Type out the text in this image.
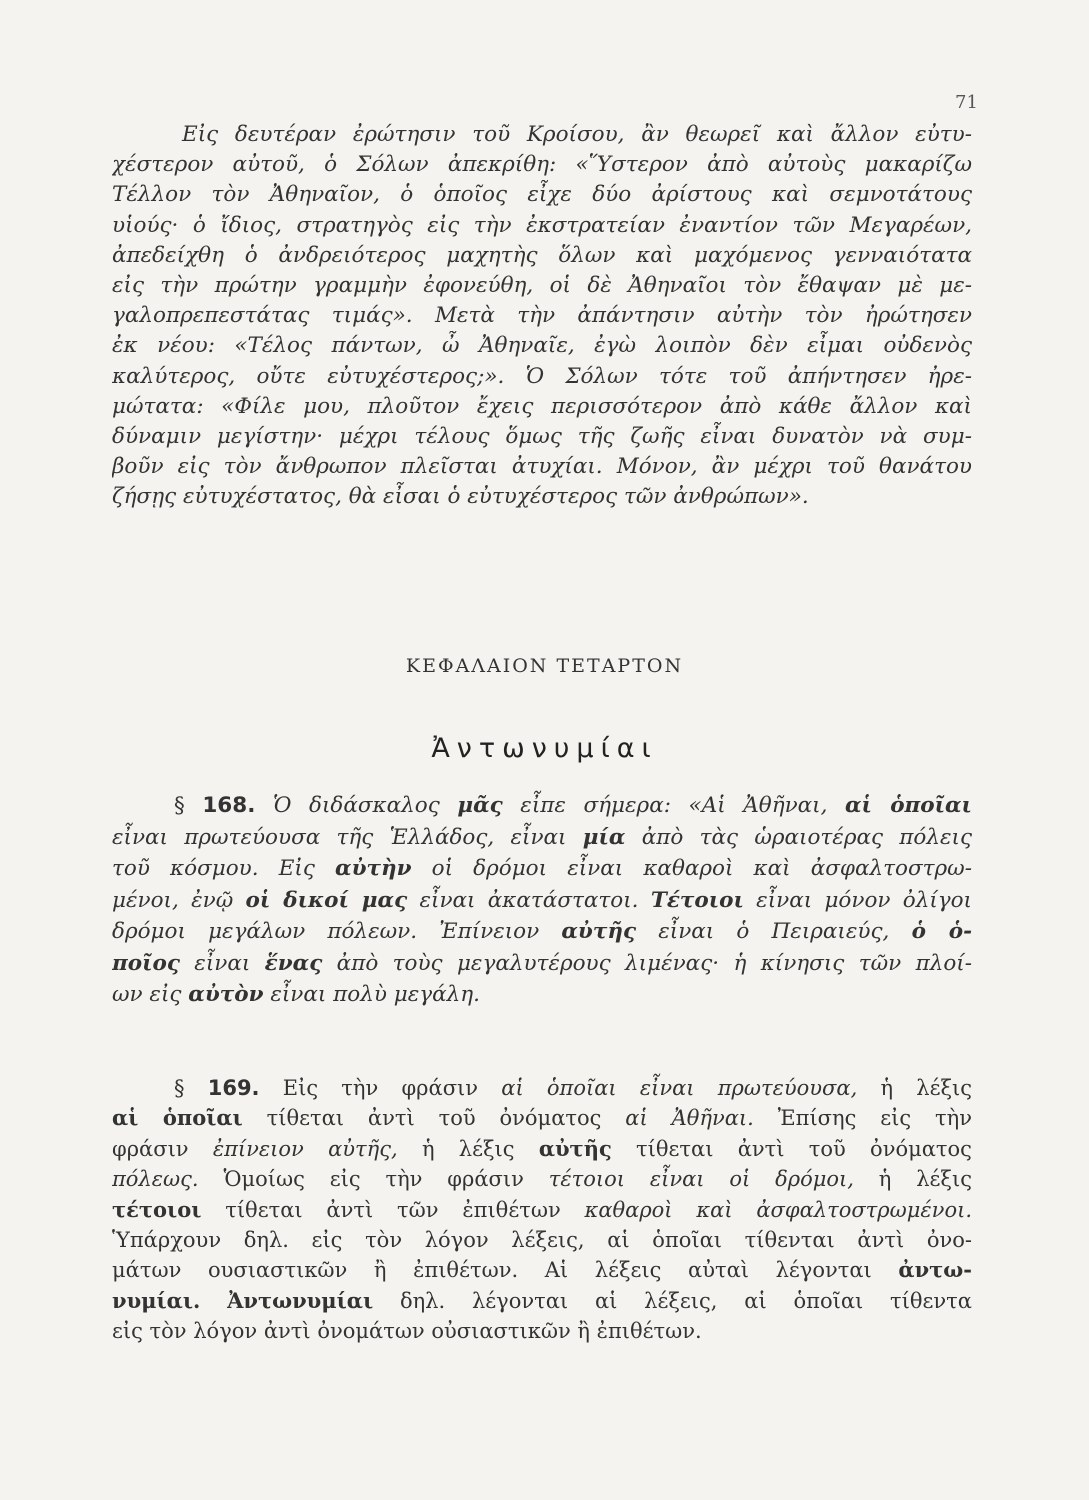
71
Εἰς δευτέραν ἐρώτησιν τοῦ Κροίσου, ἂν θεωρεῖ καὶ ἄλλον εὐτυ-
χέστερον αὐτοῦ, ὁ Σόλων ἀπεκρίθη: «Ὕστερον ἀπὸ αὐτοὺς μακαρίζω
Τέλλον τὸν Ἀθηναῖον, ὁ ὁποῖος εἶχε δύο ἀρίστους καὶ σεμνοτάτους
υἱούς· ὁ ἴδιος, στρατηγὸς εἰς τὴν ἐκστρατείαν ἐναντίον τῶν Μεγαρέων,
ἀπεδείχθη ὁ ἀνδρειότερος μαχητὴς ὅλων καὶ μαχόμενος γενναιότατα
εἰς τὴν πρώτην γραμμὴν ἐφονεύθη, οἱ δὲ Ἀθηναῖοι τὸν ἔθαψαν μὲ με-
γαλοπρεπεστάτας τιμάς». Μετὰ τὴν ἀπάντησιν αὐτὴν τὸν ἠρώτησεν
ἐκ νέου: «Τέλος πάντων, ὦ Ἀθηναῖε, ἐγὼ λοιπὸν δὲν εἶμαι οὐδενὸς
καλύτερος, οὔτε εὐτυχέστερος;». Ὁ Σόλων τότε τοῦ ἀπήντησεν ἠρε-
μώτατα: «Φίλε μου, πλοῦτον ἔχεις περισσότερον ἀπὸ κάθε ἄλλον καὶ
δύναμιν μεγίστην· μέχρι τέλους ὅμως τῆς ζωῆς εἶναι δυνατὸν νὰ συμ-
βοῦν εἰς τὸν ἄνθρωπον πλεῖσται ἀτυχίαι. Μόνον, ἂν μέχρι τοῦ θανάτου
ζήσῃς εὐτυχέστατος, θὰ εἶσαι ὁ εὐτυχέστερος τῶν ἀνθρώπων».
ΚΕΦΑΛΑΙΟΝ ΤΕΤΑΡΤΟΝ
Ἀντωνυμίαι
§ 168. Ὁ διδάσκαλος μᾶς εἶπε σήμερα: «Αἱ Ἀθῆναι, αἱ ὁποῖαι
εἶναι πρωτεύουσα τῆς Ἑλλάδος, εἶναι μία ἀπὸ τὰς ὡραιοτέρας πόλεις
τοῦ κόσμου. Εἰς αὐτὴν οἱ δρόμοι εἶναι καθαροὶ καὶ ἀσφαλτοστρω-
μένοι, ἐνῷ οἱ δικοί μας εἶναι ἀκατάστατοι. Τέτοιοι εἶναι μόνον ὀλίγοι
δρόμοι μεγάλων πόλεων. Ἐπίνειον αὐτῆς εἶναι ὁ Πειραιεύς, ὁ ὁ-
ποῖος εἶναι ἕνας ἀπὸ τοὺς μεγαλυτέρους λιμένας· ἡ κίνησις τῶν πλοί-
ων εἰς αὐτὸν εἶναι πολὺ μεγάλη.
§ 169. Εἰς τὴν φράσιν αἱ ὁποῖαι εἶναι πρωτεύουσα, ἡ λέξις
αἱ ὁποῖαι τίθεται ἀντὶ τοῦ ὀνόματος αἱ Ἀθῆναι. Ἐπίσης εἰς τὴν
φράσιν ἐπίνειον αὐτῆς, ἡ λέξις αὐτῆς τίθεται ἀντὶ τοῦ ὀνόματος
πόλεως. Ὁμοίως εἰς τὴν φράσιν τέτοιοι εἶναι οἱ δρόμοι, ἡ λέξις
τέτοιοι τίθεται ἀντὶ τῶν ἐπιθέτων καθαροὶ καὶ ἀσφαλτοστρωμένοι.
Ὑπάρχουν δηλ. εἰς τὸν λόγον λέξεις, αἱ ὁποῖαι τίθενται ἀντὶ ὀνο-
μάτων ουσιαστικῶν ἢ ἐπιθέτων. Αἱ λέξεις αὐταὶ λέγονται ἀντω-
νυμίαι. Ἀντωνυμίαι δηλ. λέγονται αἱ λέξεις, αἱ ὁποῖαι τίθεντα
εἰς τὸν λόγον ἀντὶ ὀνομάτων οὐσιαστικῶν ἢ ἐπιθέτων.
